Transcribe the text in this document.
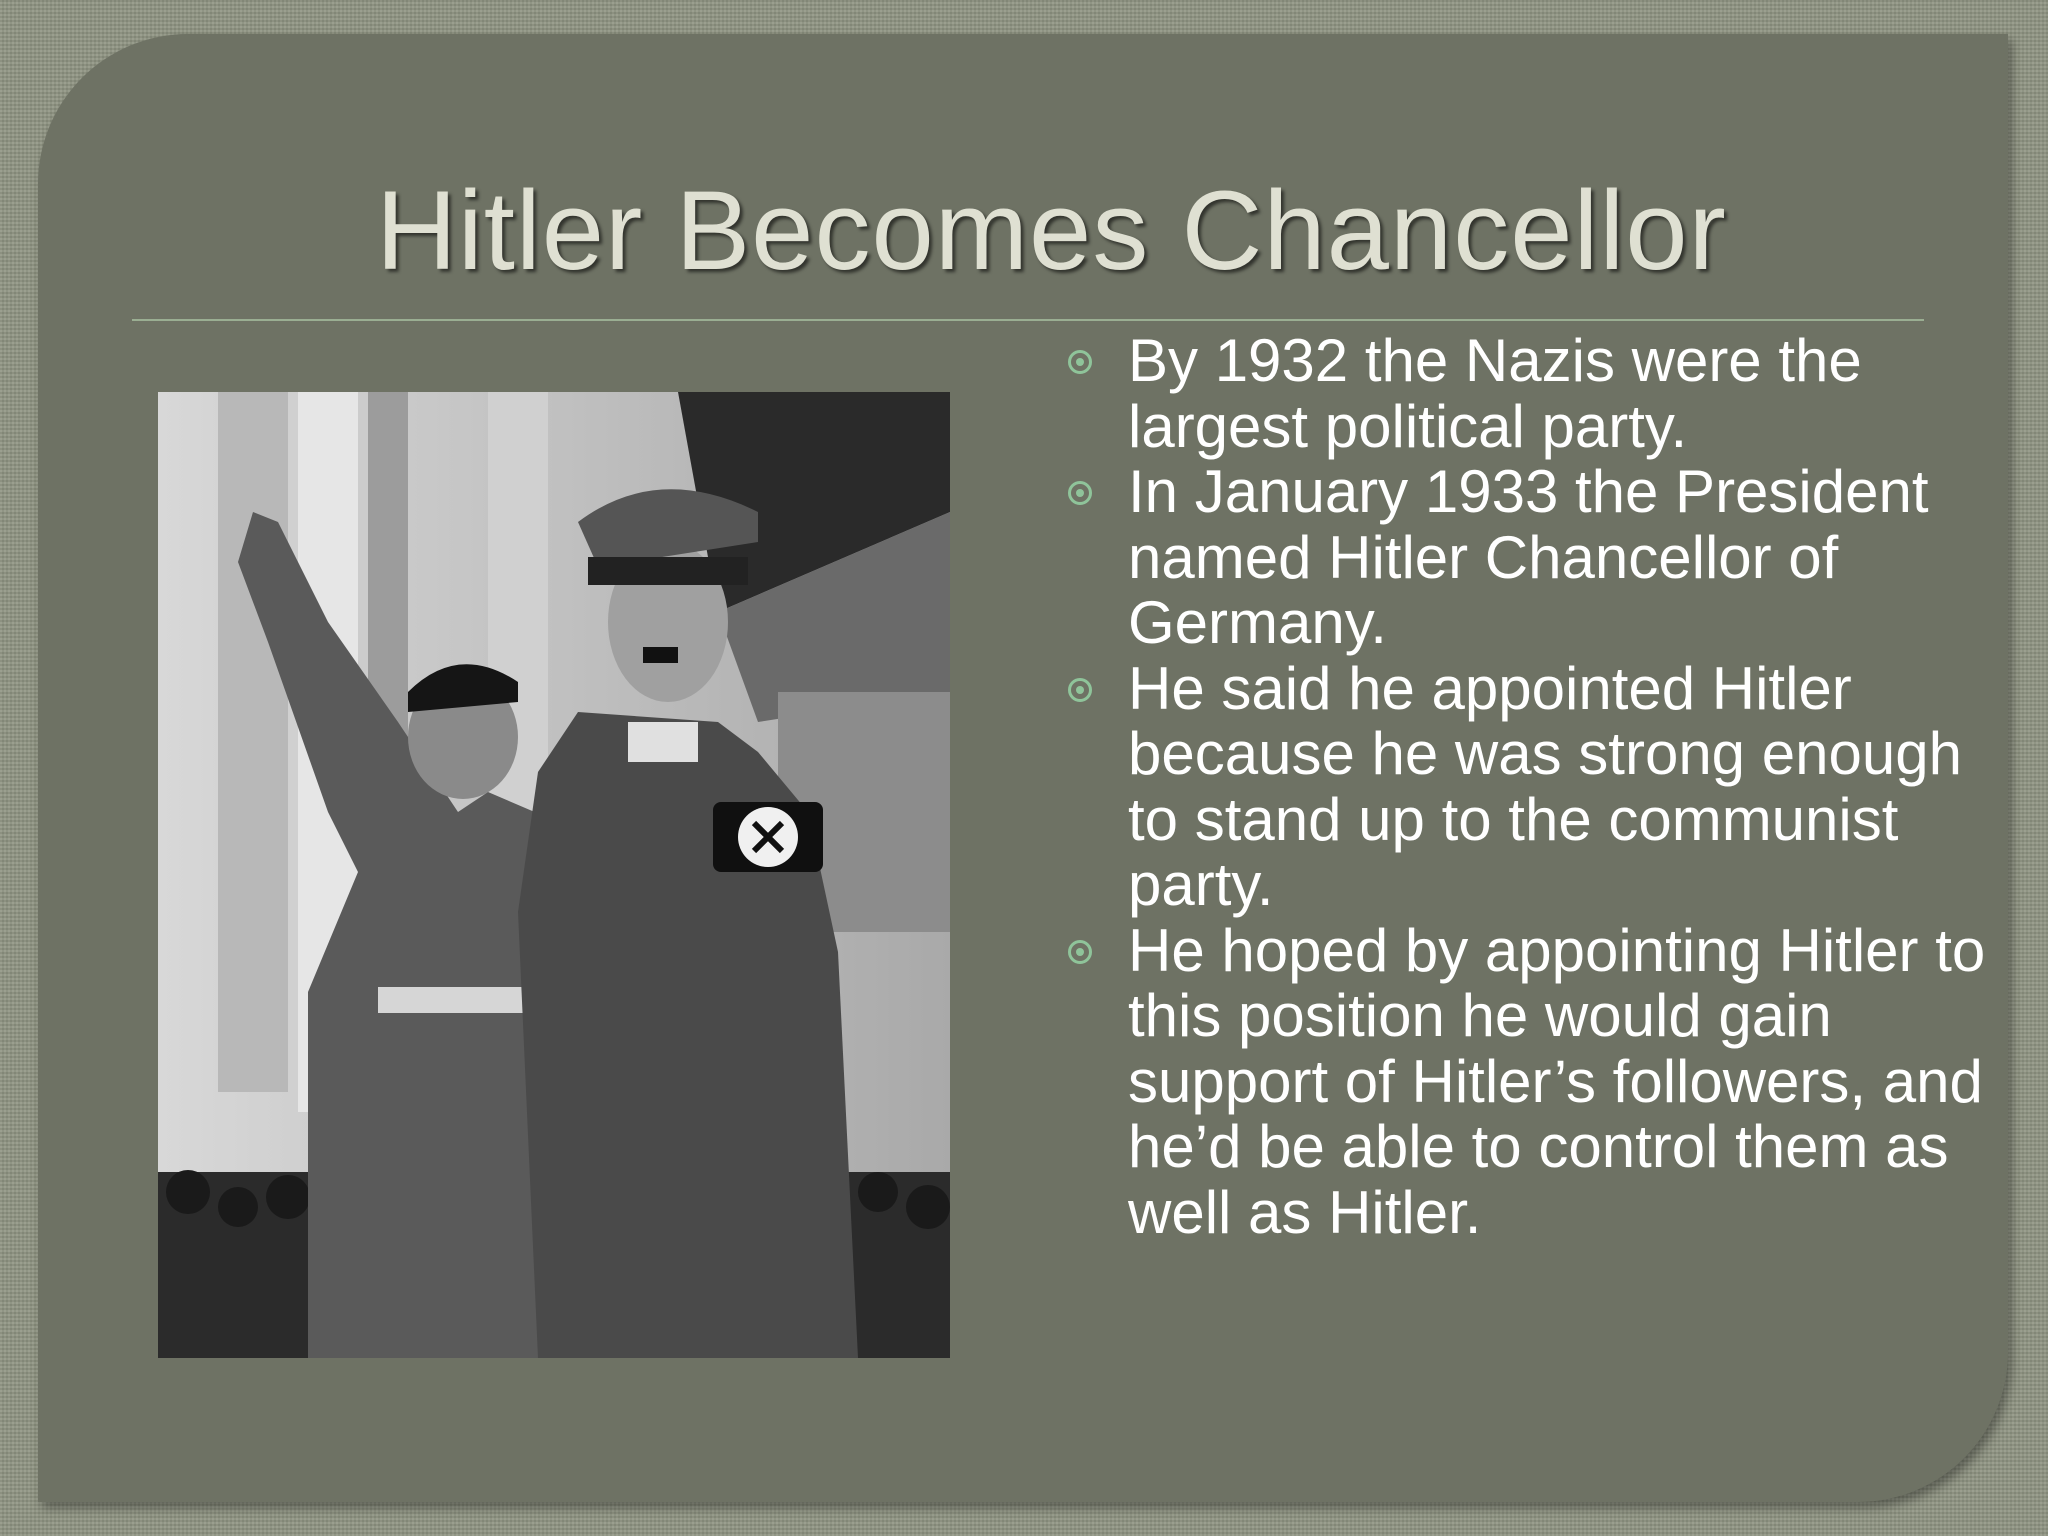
Hitler Becomes Chancellor
By 1932 the Nazis were the largest political party.
In January 1933 the President named Hitler Chancellor of Germany.
He said he appointed Hitler because he was strong enough to stand up to the communist party.
He hoped by appointing Hitler to this position he would gain support of Hitler’s followers, and he’d be able to control them as well as Hitler.
